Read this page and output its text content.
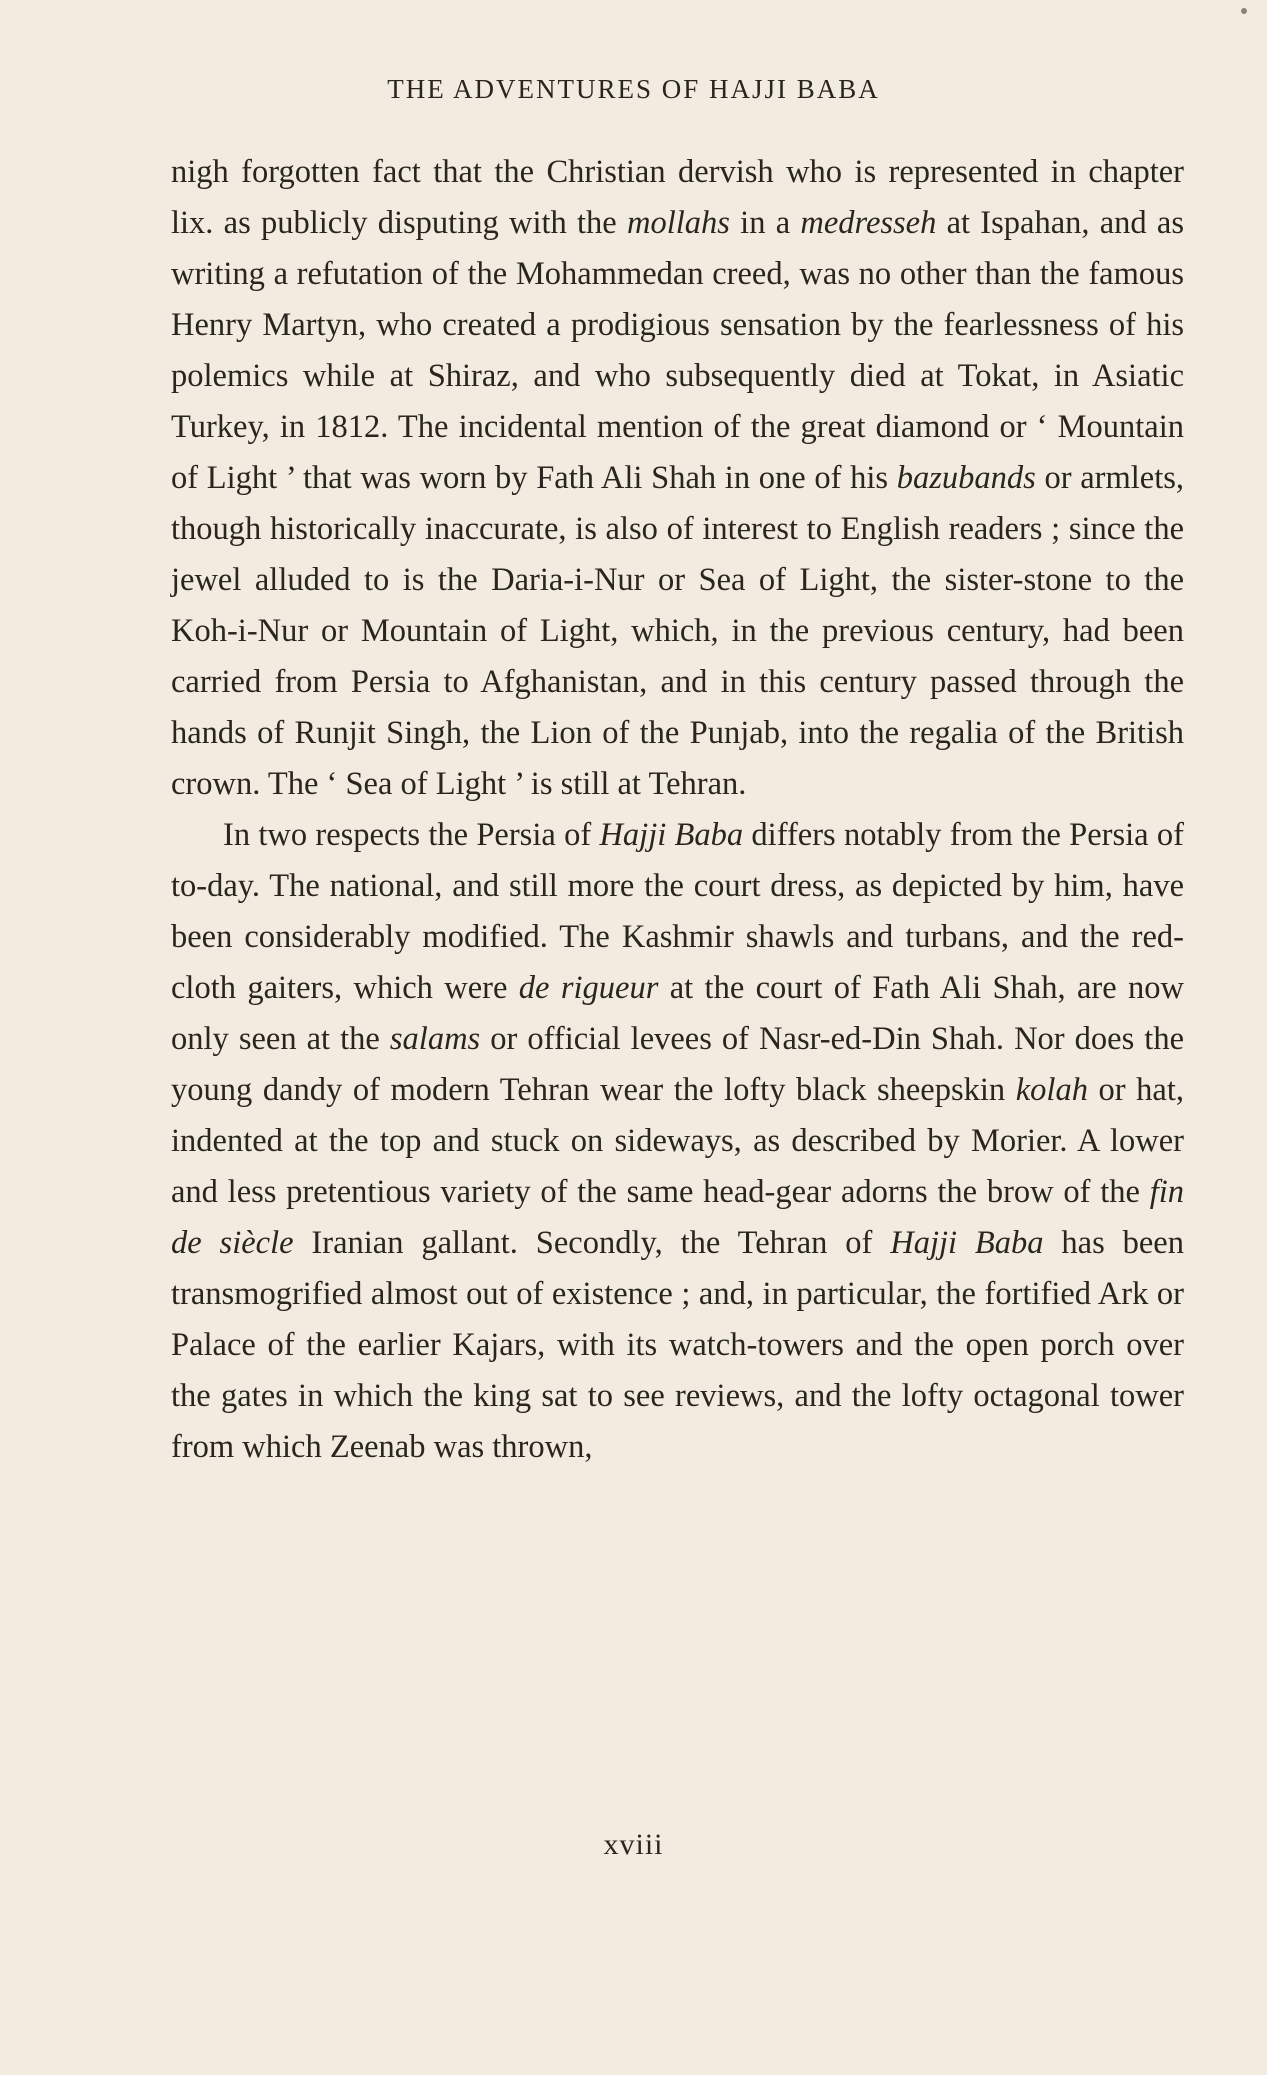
THE ADVENTURES OF HAJJI BABA

nigh forgotten fact that the Christian dervish who is represented in chapter lix. as publicly disputing with the mollahs in a medresseh at Ispahan, and as writing a refutation of the Mohammedan creed, was no other than the famous Henry Martyn, who created a prodigious sensation by the fearlessness of his polemics while at Shiraz, and who subsequently died at Tokat, in Asiatic Turkey, in 1812. The incidental mention of the great diamond or ‘ Mountain of Light ’ that was worn by Fath Ali Shah in one of his bazubands or armlets, though historically inaccurate, is also of interest to English readers ; since the jewel alluded to is the Daria-i-Nur or Sea of Light, the sister-stone to the Koh-i-Nur or Mountain of Light, which, in the previous century, had been carried from Persia to Afghanistan, and in this century passed through the hands of Runjit Singh, the Lion of the Punjab, into the regalia of the British crown. The ‘ Sea of Light ’ is still at Tehran.

In two respects the Persia of Hajji Baba differs notably from the Persia of to-day. The national, and still more the court dress, as depicted by him, have been considerably modified. The Kashmir shawls and turbans, and the red-cloth gaiters, which were de rigueur at the court of Fath Ali Shah, are now only seen at the salams or official levees of Nasr-ed-Din Shah. Nor does the young dandy of modern Tehran wear the lofty black sheepskin kolah or hat, indented at the top and stuck on sideways, as described by Morier. A lower and less pretentious variety of the same head-gear adorns the brow of the fin de siècle Iranian gallant. Secondly, the Tehran of Hajji Baba has been transmogrified almost out of existence ; and, in particular, the fortified Ark or Palace of the earlier Kajars, with its watch-towers and the open porch over the gates in which the king sat to see reviews, and the lofty octagonal tower from which Zeenab was thrown,

xviii
